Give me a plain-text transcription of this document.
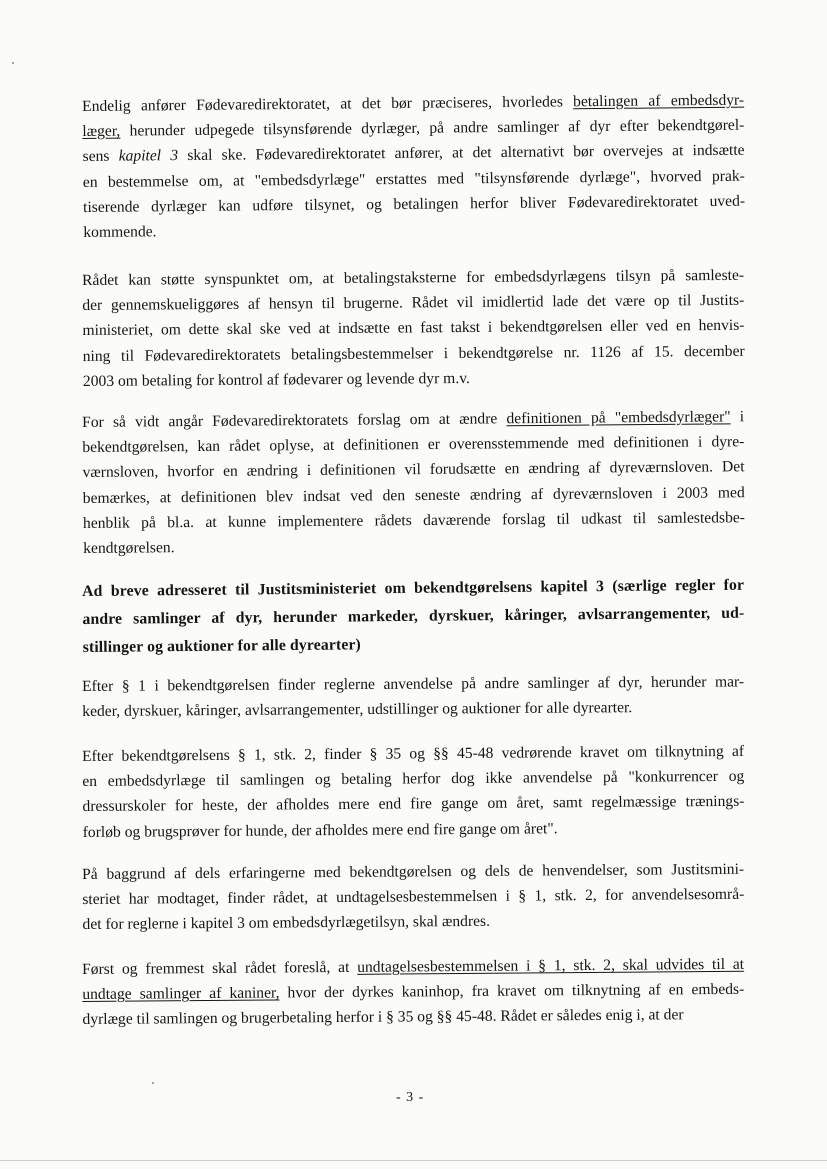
Endelig anfører Fødevaredirektoratet, at det bør præciseres, hvorledes betalingen af embedsdyr-
læger, herunder udpegede tilsynsførende dyrlæger, på andre samlinger af dyr efter bekendtgørel-
sens kapitel 3 skal ske. Fødevaredirektoratet anfører, at det alternativt bør overvejes at indsætte
en bestemmelse om, at "embedsdyrlæge" erstattes med "tilsynsførende dyrlæge", hvorved prak-
tiserende dyrlæger kan udføre tilsynet, og betalingen herfor bliver Fødevaredirektoratet uved-
kommende.
Rådet kan støtte synspunktet om, at betalingstaksterne for embedsdyrlægens tilsyn på samleste-
der gennemskueliggøres af hensyn til brugerne. Rådet vil imidlertid lade det være op til Justits-
ministeriet, om dette skal ske ved at indsætte en fast takst i bekendtgørelsen eller ved en henvis-
ning til Fødevaredirektoratets betalingsbestemmelser i bekendtgørelse nr. 1126 af 15. december
2003 om betaling for kontrol af fødevarer og levende dyr m.v.
For så vidt angår Fødevaredirektoratets forslag om at ændre definitionen på "embedsdyrlæger" i
bekendtgørelsen, kan rådet oplyse, at definitionen er overensstemmende med definitionen i dyre-
værnsloven, hvorfor en ændring i definitionen vil forudsætte en ændring af dyreværnsloven. Det
bemærkes, at definitionen blev indsat ved den seneste ændring af dyreværnsloven i 2003 med
henblik på bl.a. at kunne implementere rådets daværende forslag til udkast til samlestedsbe-
kendtgørelsen.
Ad breve adresseret til Justitsministeriet om bekendtgørelsens kapitel 3 (særlige regler for
andre samlinger af dyr, herunder markeder, dyrskuer, kåringer, avlsarrangementer, ud-
stillinger og auktioner for alle dyrearter)
Efter § 1 i bekendtgørelsen finder reglerne anvendelse på andre samlinger af dyr, herunder mar-
keder, dyrskuer, kåringer, avlsarrangementer, udstillinger og auktioner for alle dyrearter.
Efter bekendtgørelsens § 1, stk. 2, finder § 35 og §§ 45-48 vedrørende kravet om tilknytning af
en embedsdyrlæge til samlingen og betaling herfor dog ikke anvendelse på "konkurrencer og
dressurskoler for heste, der afholdes mere end fire gange om året, samt regelmæssige trænings-
forløb og brugsprøver for hunde, der afholdes mere end fire gange om året".
På baggrund af dels erfaringerne med bekendtgørelsen og dels de henvendelser, som Justitsmini-
steriet har modtaget, finder rådet, at undtagelsesbestemmelsen i § 1, stk. 2, for anvendelsesområ-
det for reglerne i kapitel 3 om embedsdyrlægetilsyn, skal ændres.
Først og fremmest skal rådet foreslå, at undtagelsesbestemmelsen i § 1, stk. 2, skal udvides til at
undtage samlinger af kaniner, hvor der dyrkes kaninhop, fra kravet om tilknytning af en embeds-
dyrlæge til samlingen og brugerbetaling herfor i § 35 og §§ 45-48. Rådet er således enig i, at der
- 3 -
